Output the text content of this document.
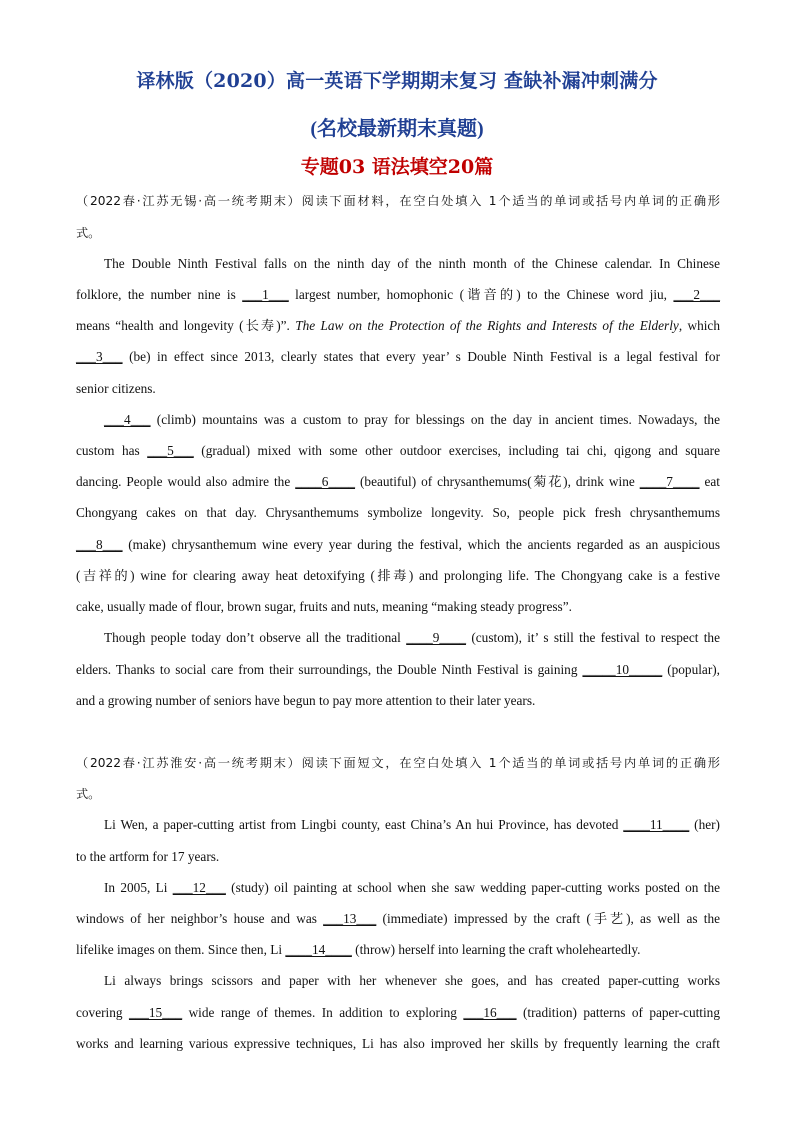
译林版（2020）高一英语下学期期末复习 查缺补漏冲刺满分
(名校最新期末真题)
专题03 语法填空20篇
（2022春·江苏无锡·高一统考期末）阅读下面材料，在空白处填入 1个适当的单词或括号内单词的正确形
式。
The Double Ninth Festival falls on the ninth day of the ninth month of the Chinese calendar. In Chinese
folklore, the number nine is ___1___ largest number, homophonic (谐音的) to the Chinese word jiu, ___2___
means “health and longevity (长寿)”. The Law on the Protection of the Rights and Interests of the Elderly, which
___3___ (be) in effect since 2013, clearly states that every year’ s Double Ninth Festival is a legal festival for
senior citizens.
___4___ (climb) mountains was a custom to pray for blessings on the day in ancient times. Nowadays, the
custom has ___5___ (gradual) mixed with some other outdoor exercises, including tai chi, qigong and square
dancing. People would also admire the ____6____ (beautiful) of chrysanthemums(菊花), drink wine ____7____ eat
Chongyang cakes on that day. Chrysanthemums symbolize longevity. So, people pick fresh chrysanthemums
___8___ (make) chrysanthemum wine every year during the festival, which the ancients regarded as an auspicious
(吉祥的) wine for clearing away heat detoxifying (排毒) and prolonging life. The Chongyang cake is a festive
cake, usually made of flour, brown sugar, fruits and nuts, meaning “making steady progress”.
Though people today don’t observe all the traditional ____9____ (custom), it’ s still the festival to respect the
elders. Thanks to social care from their surroundings, the Double Ninth Festival is gaining _____10_____ (popular),
and a growing number of seniors have begun to pay more attention to their later years.
（2022春·江苏淮安·高一统考期末）阅读下面短文，在空白处填入 1个适当的单词或括号内单词的正确形
式。
Li Wen, a paper-cutting artist from Lingbi county, east China’s An hui Province, has devoted ____11____ (her)
to the artform for 17 years.
In 2005, Li ___12___ (study) oil painting at school when she saw wedding paper-cutting works posted on the
windows of her neighbor’s house and was ___13___ (immediate) impressed by the craft (手艺), as well as the
lifelike images on them. Since then, Li ____14____ (throw) herself into learning the craft wholeheartedly.
Li always brings scissors and paper with her whenever she goes, and has created paper-cutting works
covering ___15___ wide range of themes. In addition to exploring ___16___ (tradition) patterns of paper-cutting
works and learning various expressive techniques, Li has also improved her skills by frequently learning the craft
